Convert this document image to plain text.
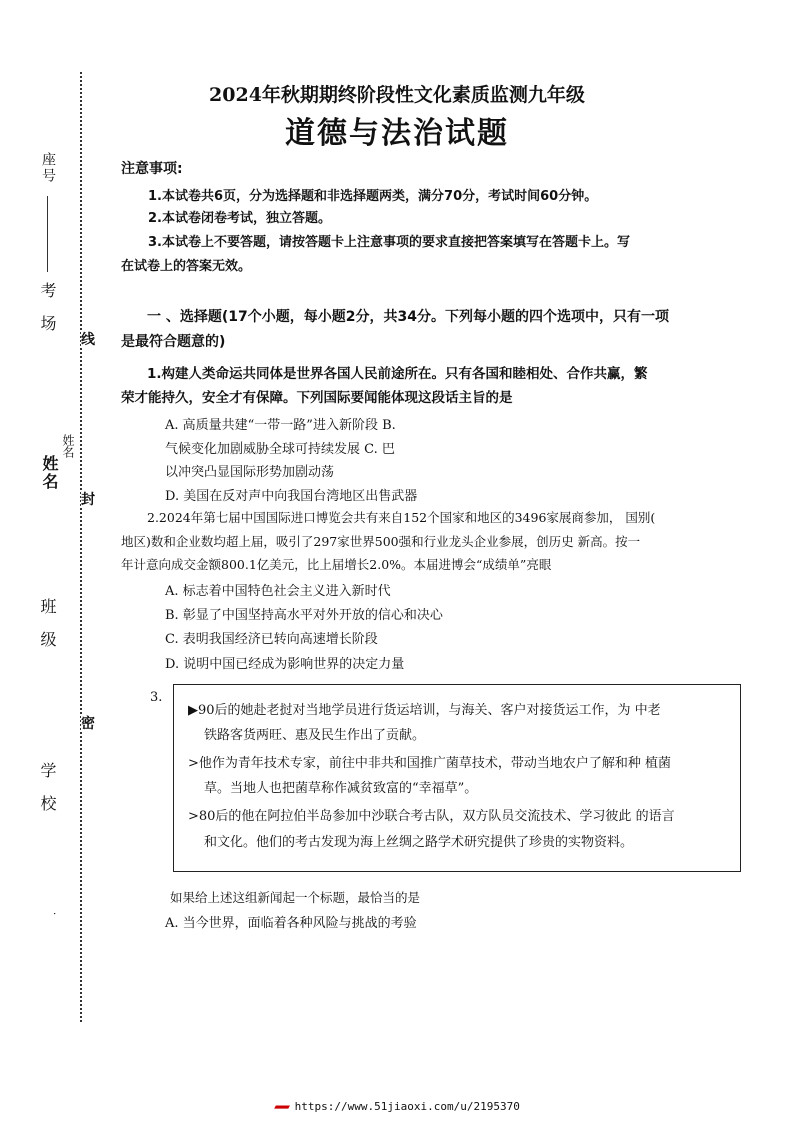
线
封
密
座号
考 场
姓名
姓名
班 级
学 校
·
2024年秋期期终阶段性文化素质监测九年级
道德与法治试题
注意事项:
1.本试卷共6页，分为选择题和非选择题两类，满分70分，考试时间60分钟。
2.本试卷闭卷考试，独立答题。
3.本试卷上不要答题，请按答题卡上注意事项的要求直接把答案填写在答题卡上。写
在试卷上的答案无效。
一 、选择题(17个小题，每小题2分，共34分。下列每小题的四个选项中，只有一项
是最符合题意的)
1.构建人类命运共同体是世界各国人民前途所在。只有各国和睦相处、合作共赢，繁
荣才能持久，安全才有保障。下列国际要闻能体现这段话主旨的是
A. 高质量共建“一带一路”进入新阶段 B.
气候变化加剧威胁全球可持续发展 C. 巴
以冲突凸显国际形势加剧动荡
D. 美国在反对声中向我国台湾地区出售武器
2.2024年第七届中国国际进口博览会共有来自152个国家和地区的3496家展商参加， 国别(
地区)数和企业数均超上届，吸引了297家世界500强和行业龙头企业参展，创历史 新高。按一
年计意向成交金额800.1亿美元，比上届增长2.0%。本届进博会“成绩单”亮眼
A. 标志着中国特色社会主义进入新时代
B. 彰显了中国坚持高水平对外开放的信心和决心
C. 表明我国经济已转向高速增长阶段
D. 说明中国已经成为影响世界的决定力量
3.
▶90后的她赴老挝对当地学员进行货运培训，与海关、客户对接货运工作，为 中老
铁路客货两旺、惠及民生作出了贡献。
>他作为青年技术专家，前往中非共和国推广菌草技术，带动当地农户了解和种 植菌
草。当地人也把菌草称作减贫致富的“幸福草”。
>80后的他在阿拉伯半岛参加中沙联合考古队，双方队员交流技术、学习彼此 的语言
和文化。他们的考古发现为海上丝绸之路学术研究提供了珍贵的实物资料。
如果给上述这组新闻起一个标题，最恰当的是
A. 当今世界，面临着各种风险与挑战的考验
▰▰▰ https://www.51jiaoxi.com/u/2195370
